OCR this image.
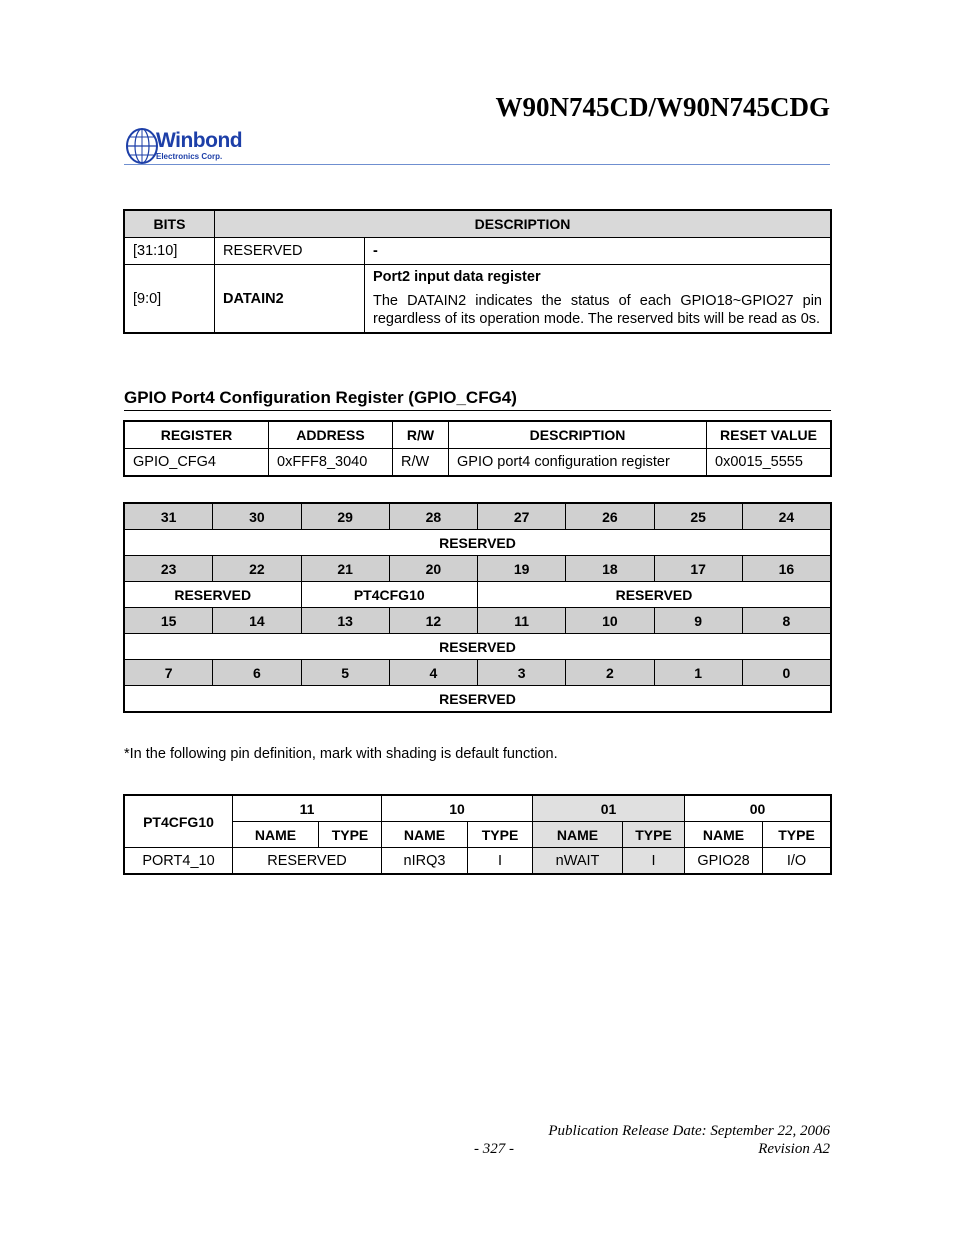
W90N745CD/W90N745CDG
Winbond
Electronics Corp.
BITS	DESCRIPTION	
[31:10]	RESERVED	-
[9:0]	DATAIN2	Port2 input data register
The DATAIN2 indicates the status of each GPIO18~GPIO27 pin regardless of its operation mode. The reserved bits will be read as 0s.
GPIO Port4 Configuration Register (GPIO_CFG4)
REGISTER	ADDRESS	R/W	DESCRIPTION	RESET VALUE
GPIO_CFG4	0xFFF8_3040	R/W	GPIO port4 configuration register	0x0015_5555
31	30	29	28	27	26	25	24
RESERVED							
23	22	21	20	19	18	17	16
RESERVED		PT4CFG10		RESERVED			
15	14	13	12	11	10	9	8
RESERVED							
7	6	5	4	3	2	1	0
RESERVED							
*In the following pin definition, mark with shading is default function.
PT4CFG10	11		10		01		00	
	NAME	TYPE	NAME	TYPE	NAME	TYPE	NAME	TYPE
PORT4_10	RESERVED		nIRQ3	I	nWAIT	I	GPIO28	I/O
Publication Release Date: September 22, 2006
- 327 -	Revision A2
